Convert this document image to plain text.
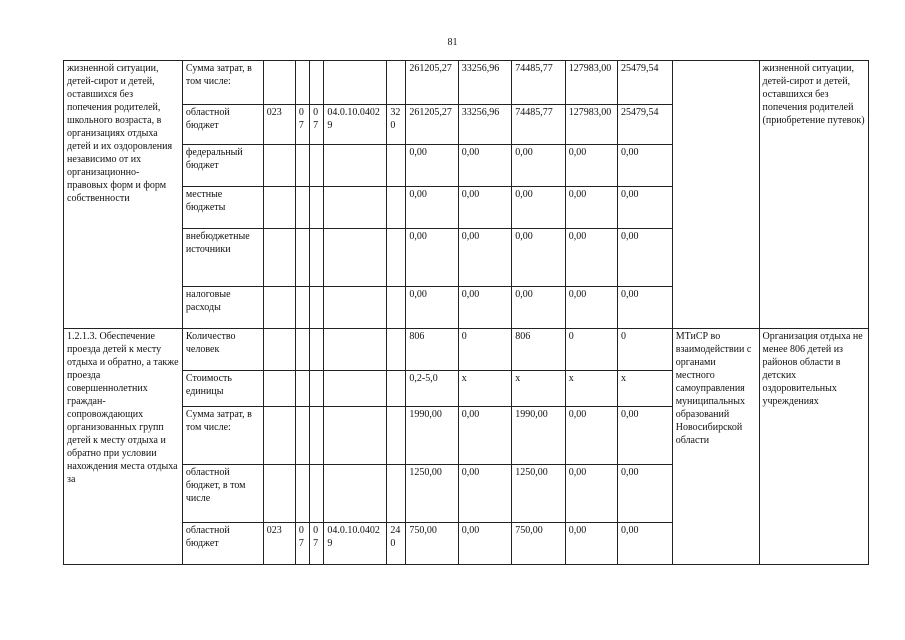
81
жизненной ситуации, детей-сирот и детей, оставшихся без попечения родителей, школьного возраста, в организациях отдыха детей и их оздоровления независимо от их организационно-правовых форм и форм собственности	Сумма затрат, в том числе:						261205,27	33256,96	74485,77	127983,00	25479,54		жизненной ситуации, детей-сирот и детей, оставшихся без попечения родителей (приобретение путевок)
	областной бюджет	023	07	07	04.0.10.04029	320	261205,27	33256,96	74485,77	127983,00	25479,54		
	федеральный бюджет						0,00	0,00	0,00	0,00	0,00		
	местные бюджеты						0,00	0,00	0,00	0,00	0,00		
	внебюджетные источники						0,00	0,00	0,00	0,00	0,00		
	налоговые расходы						0,00	0,00	0,00	0,00	0,00		
1.2.1.3. Обеспечение проезда детей к месту отдыха и обратно, а также проезда совершеннолетних граждан-сопровождающих организованных групп детей к месту отдыха и обратно при условии нахождения места отдыха за	Количество человек						806	0	806	0	0	МТиСР во взаимодействии с органами местного самоуправления муниципальных образований Новосибирской области	Организация отдыха не менее 806 детей из районов области в детских оздоровительных учреждениях
	Стоимость единицы						0,2-5,0	x	x	x	x		
	Сумма затрат, в том числе:						1990,00	0,00	1990,00	0,00	0,00		
	областной бюджет, в том числе						1250,00	0,00	1250,00	0,00	0,00		
	областной бюджет	023	07	07	04.0.10.04029	240	750,00	0,00	750,00	0,00	0,00		
